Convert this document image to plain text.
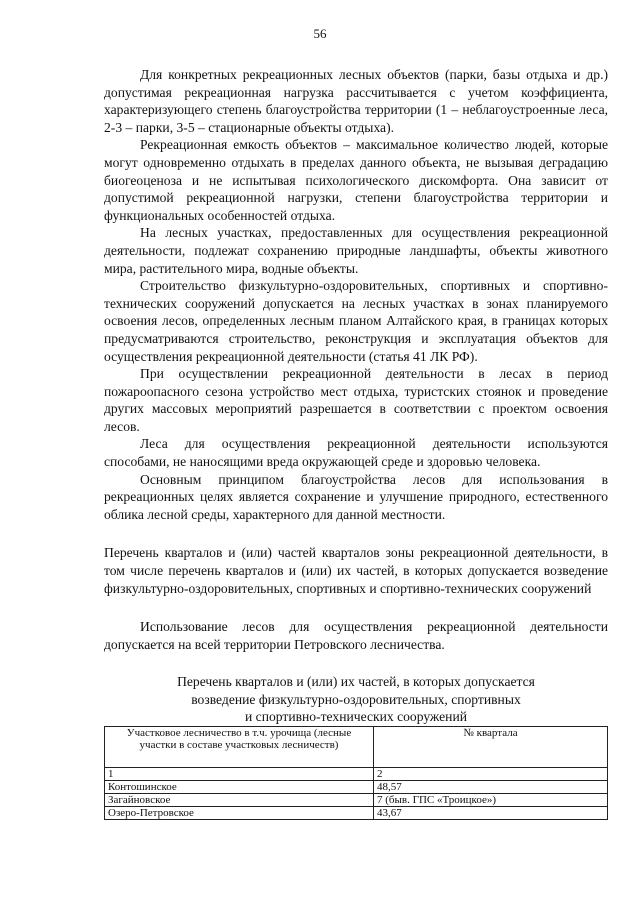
56

Для конкретных рекреационных лесных объектов (парки, базы отдыха и др.) допустимая рекреационная нагрузка рассчитывается с учетом коэффициента, характеризующего степень благоустройства территории (1 – неблагоустроенные леса, 2-3 – парки, 3-5 – стационарные объекты отдыха).

Рекреационная емкость объектов – максимальное количество людей, которые могут одновременно отдыхать в пределах данного объекта, не вызывая деградацию биогеоценоза и не испытывая психологического дискомфорта. Она зависит от допустимой рекреационной нагрузки, степени благоустройства территории и функциональных особенностей отдыха.

На лесных участках, предоставленных для осуществления рекреационной деятельности, подлежат сохранению природные ландшафты, объекты животного мира, растительного мира, водные объекты.

Строительство физкультурно-оздоровительных, спортивных и спортивно-технических сооружений допускается на лесных участках в зонах планируемого освоения лесов, определенных лесным планом Алтайского края, в границах которых предусматриваются строительство, реконструкция и эксплуатация объектов для осуществления рекреационной деятельности (статья 41 ЛК РФ).

При осуществлении рекреационной деятельности в лесах в период пожароопасного сезона устройство мест отдыха, туристских стоянок и проведение других массовых мероприятий разрешается в соответствии с проектом освоения лесов.

Леса для осуществления рекреационной деятельности используются способами, не наносящими вреда окружающей среде и здоровью человека.

Основным принципом благоустройства лесов для использования в рекреационных целях является сохранение и улучшение природного, естественного облика лесной среды, характерного для данной местности.

Перечень кварталов и (или) частей кварталов зоны рекреационной деятельности, в том числе перечень кварталов и (или) их частей, в которых допускается возведение физкультурно-оздоровительных, спортивных и спортивно-технических сооружений

Использование лесов для осуществления рекреационной деятельности допускается на всей территории Петровского лесничества.

Перечень кварталов и (или) их частей, в которых допускается
возведение физкультурно-оздоровительных, спортивных
и спортивно-технических сооружений
Участковое лесничество в т.ч. урочища (лесные участки в составе участковых лесничеств)	№ квартала
1	2
Контошинское	48,57
Загайновское	7 (быв. ГПС «Троицкое»)
Озеро-Петровское	43,67
